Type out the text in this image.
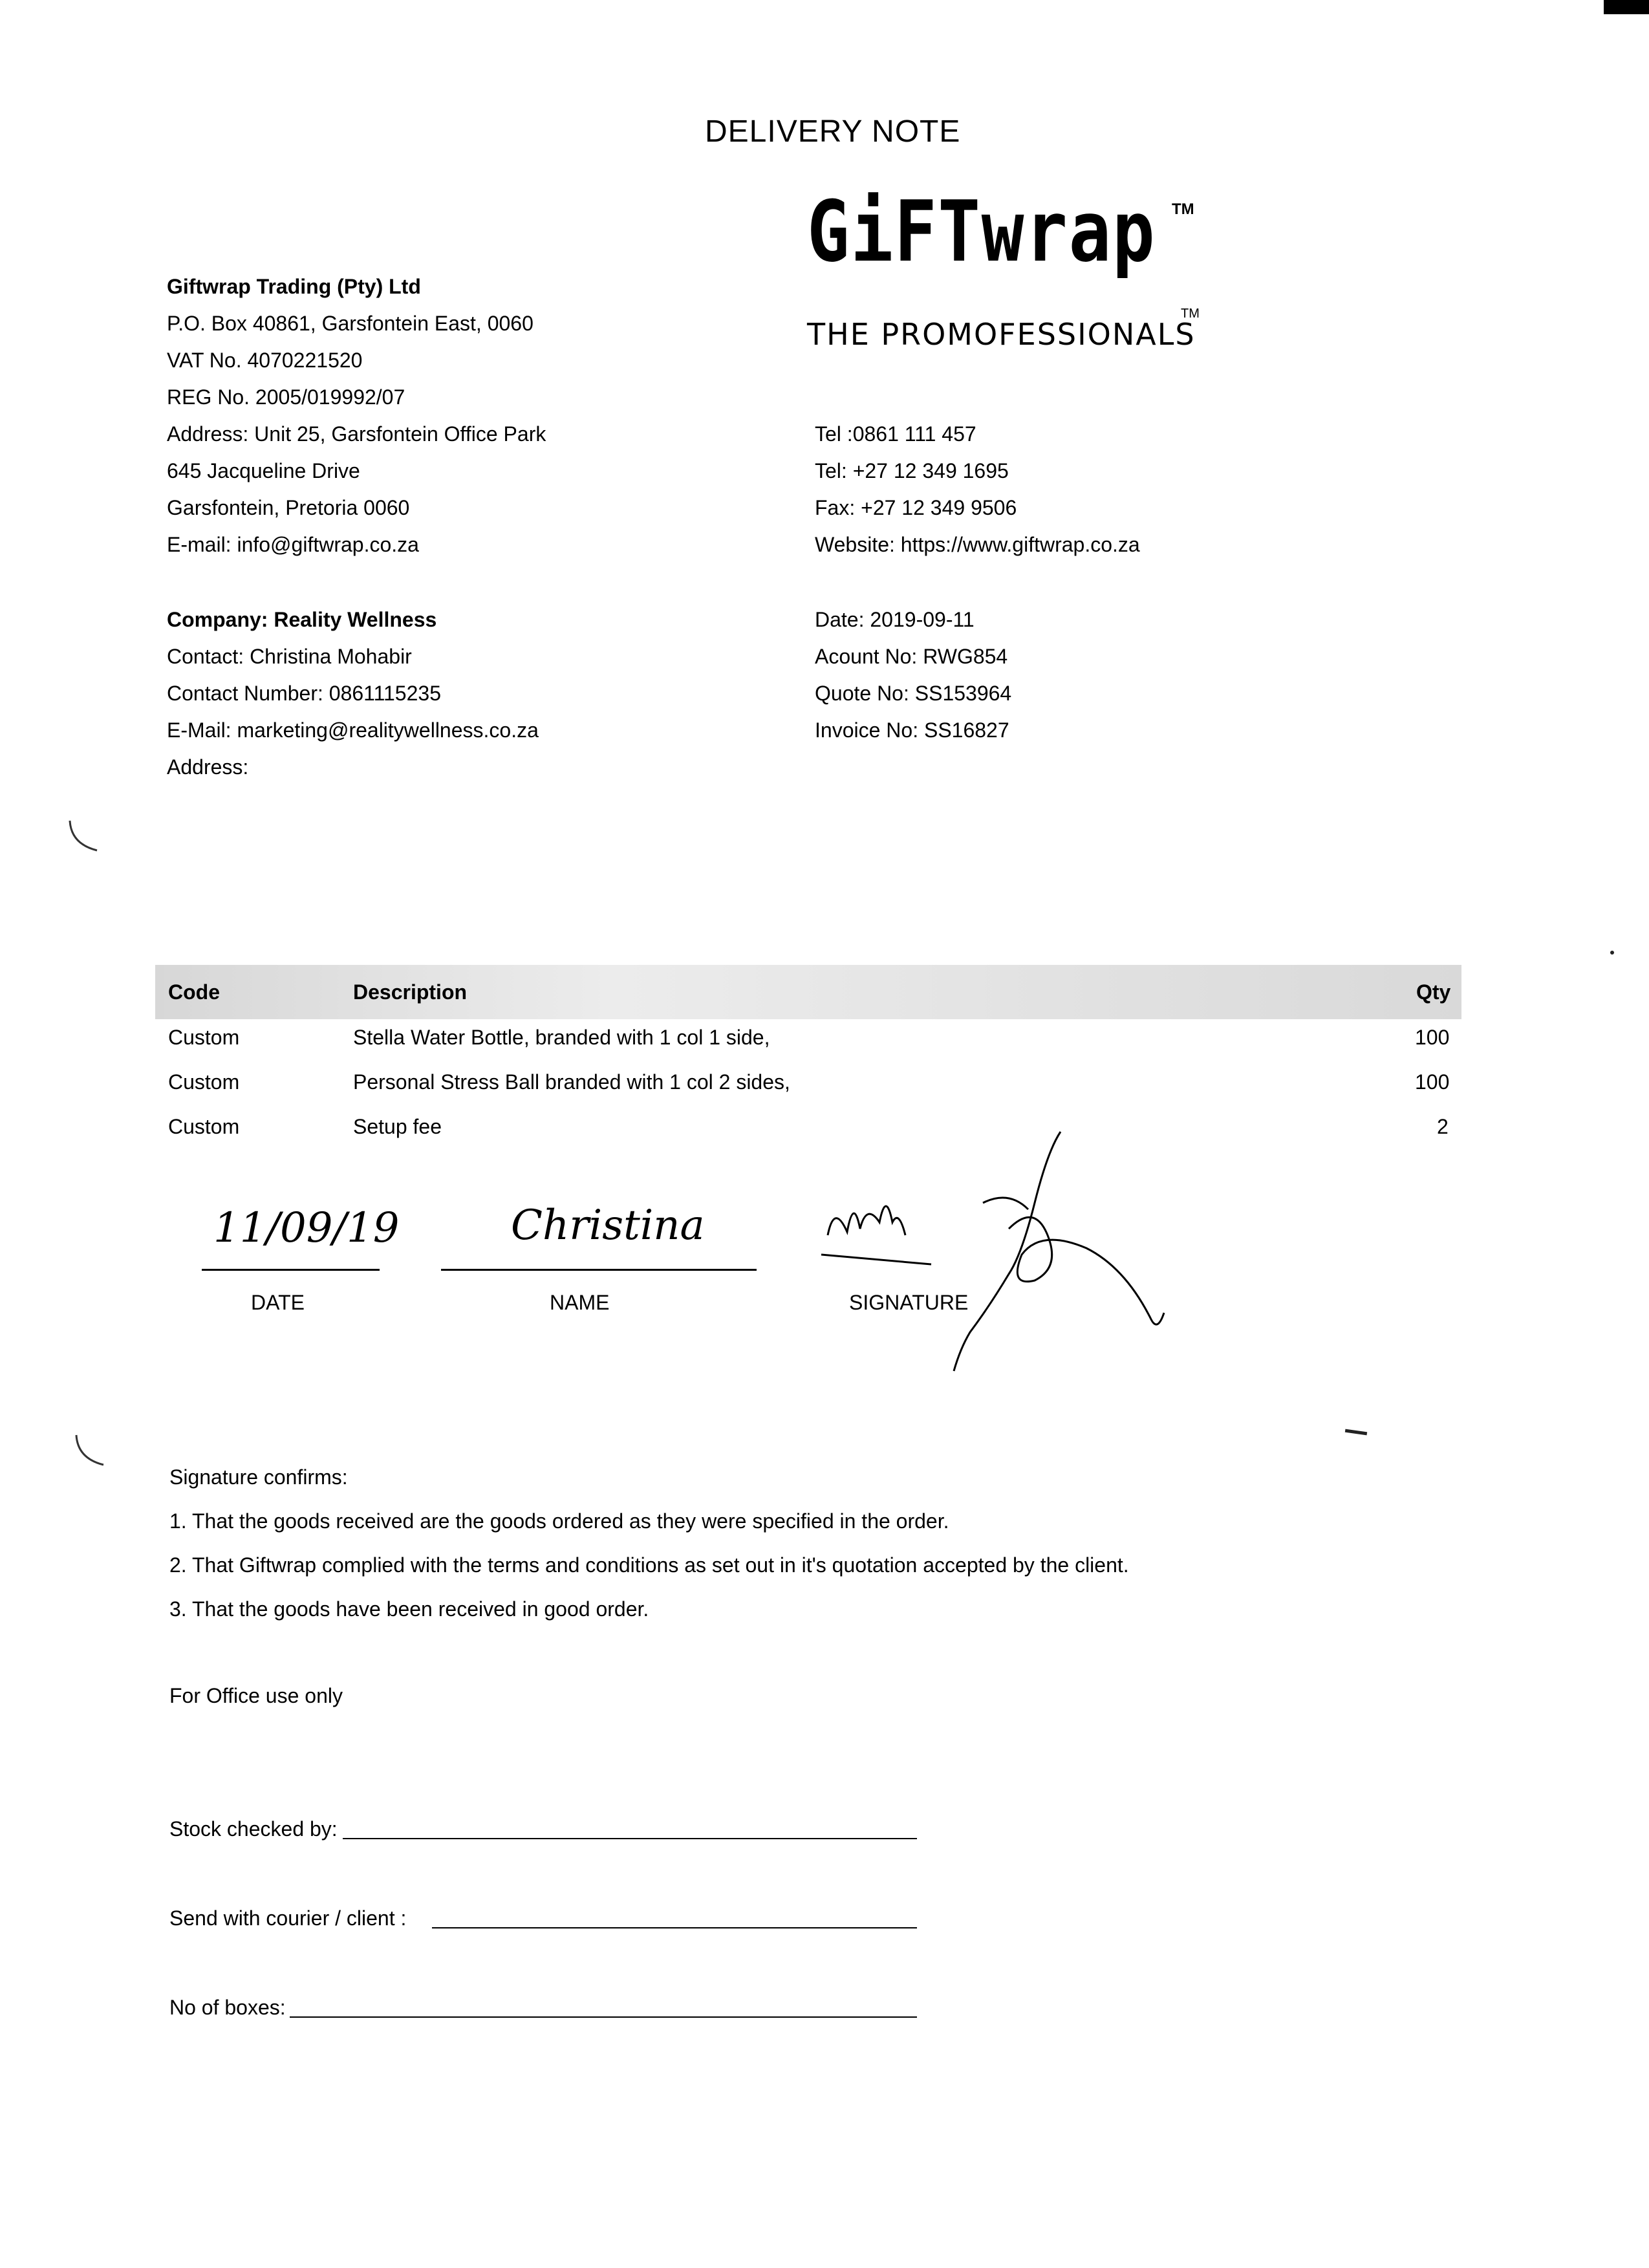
DELIVERY NOTE
GiFTwrap TM
THE PROMOFESSIONALS
TM
Giftwrap Trading (Pty) Ltd
P.O. Box 40861, Garsfontein East, 0060
VAT No. 4070221520
REG No. 2005/019992/07
Address: Unit 25, Garsfontein Office Park
645 Jacqueline Drive
Garsfontein, Pretoria 0060
E-mail: info@giftwrap.co.za
Tel :0861 111 457
Tel: +27 12 349 1695
Fax: +27 12 349 9506
Website: https://www.giftwrap.co.za
Company: Reality Wellness
Contact: Christina Mohabir
Contact Number: 0861115235
E-Mail: marketing@realitywellness.co.za
Address:
Date: 2019-09-11
Acount No: RWG854
Quote No: SS153964
Invoice No: SS16827
Code	Description	Qty
Custom	Stella Water Bottle, branded with 1 col 1 side,	100
Custom	Personal Stress Ball branded with 1 col 2 sides,	100
Custom	Setup fee	2
11/09/19
DATE
Christina
NAME	SIGNATURE
Signature confirms:
1. That the goods received are the goods ordered as they were specified in the order.
2. That Giftwrap complied with the terms and conditions as set out in it's quotation accepted by the client.
3. That the goods have been received in good order.
For Office use only
Stock checked by:
Send with courier / client :
No of boxes:
